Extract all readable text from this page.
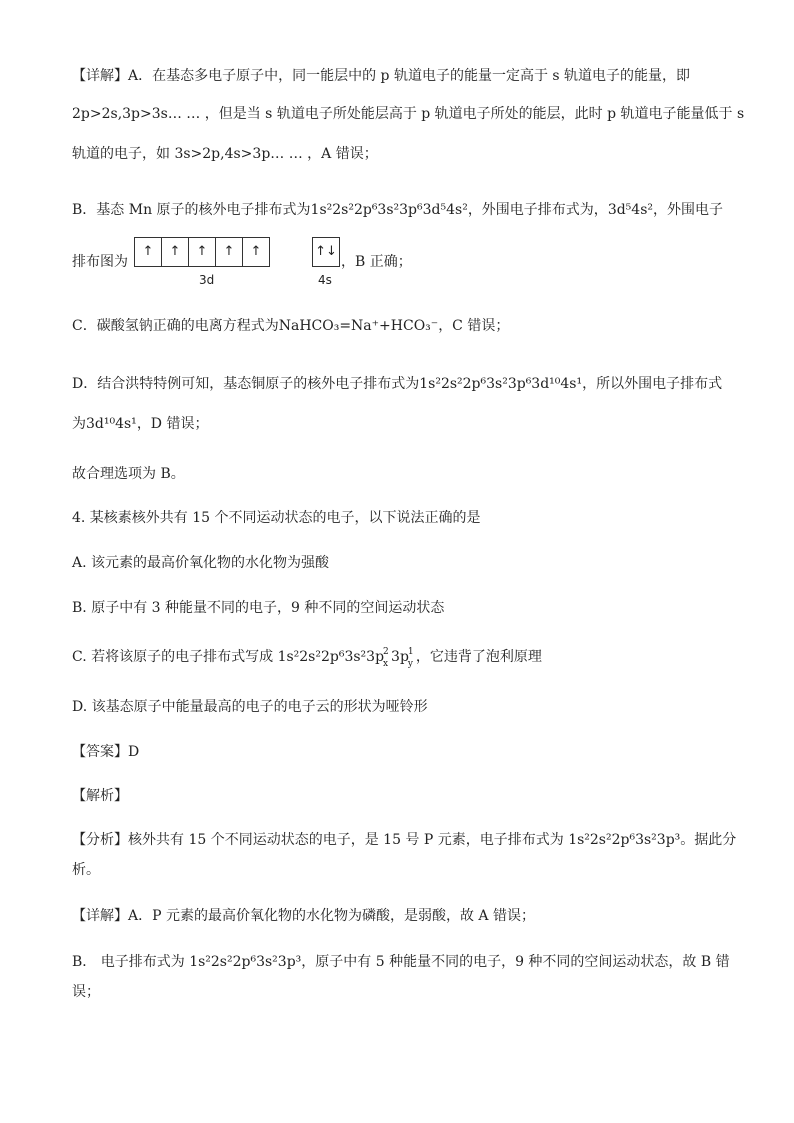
【详解】A．在基态多电子原子中，同一能层中的 p 轨道电子的能量一定高于 s 轨道电子的能量，即
2p>2s,3p>3s… … ，但是当 s 轨道电子所处能层高于 p 轨道电子所处的能层，此时 p 轨道电子能量低于 s
轨道的电子，如 3s>2p,4s>3p… … ，A 错误；
B．基态 Mn 原子的核外电子排布式为1s²2s²2p⁶3s²3p⁶3d⁵4s²，外围电子排布式为，3d⁵4s²，外围电子
排布图为
↑	↑	↑	↑	↑	↑↓
，B 正确；
3d	4s
C．碳酸氢钠正确的电离方程式为NaHCO₃=Na⁺+HCO₃⁻，C 错误；
D．结合洪特特例可知，基态铜原子的核外电子排布式为1s²2s²2p⁶3s²3p⁶3d¹⁰4s¹，所以外围电子排布式
为3d¹⁰4s¹，D 错误；
故合理选项为 B。
4. 某核素核外共有 15 个不同运动状态的电子，以下说法正确的是
A. 该元素的最高价氧化物的水化物为强酸
B. 原子中有 3 种能量不同的电子，9 种不同的空间运动状态
C. 若将该原子的电子排布式写成 1s²2s²2p⁶3s²3p 2
x 3p 1
y ，它违背了泡利原理
D. 该基态原子中能量最高的电子的电子云的形状为哑铃形
【答案】D
【解析】
【分析】核外共有 15 个不同运动状态的电子，是 15 号 P 元素，电子排布式为 1s²2s²2p⁶3s²3p³。据此分
析。
【详解】A．P 元素的最高价氧化物的水化物为磷酸，是弱酸，故 A 错误；
B． 电子排布式为 1s²2s²2p⁶3s²3p³，原子中有 5 种能量不同的电子，9 种不同的空间运动状态，故 B 错
误；
